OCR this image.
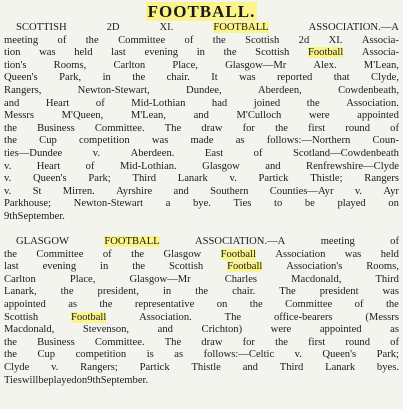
FOOTBALL.
SCOTTISH	2D	XI.	FOOTBALL	ASSOCIATION.—A
meeting of the Committee of the Scottish 2d XI. Associa-
tion was held last evening in the Scottish Football Associa-
tion's	Rooms,	Carlton	Place,	Glasgow—Mr	Alex.	M'Lean,
Queen's Park, in the chair. It was reported that Clyde,
Rangers,	Newton-Stewart,	Dundee,	Aberdeen,	Cowdenbeath,
and	Heart	of	Mid-Lothian	had	joined	the	Association.
Messrs	M'Queen,	M'Lean,	and	M'Culloch	were	appointed
the Business Committee. The draw for the first round of
the Cup competition was made as follows:—Northern Coun-
ties—Dundee	v.	Aberdeen.	East	of	Scotland—Cowdenbeath
v. Heart of Mid-Lothian. Glasgow and Renfrewshire—Clyde
v. Queen's Park; Third Lanark v. Partick Thistle; Rangers
v. St Mirren. Ayrshire and Southern Counties—Ayr v. Ayr
Parkhouse; Newton-Stewart a bye. Ties to be played on
9th September.
GLASGOW	FOOTBALL	ASSOCIATION.—A	meeting	of
the Committee of the Glasgow Football Association was held
last evening in the Scottish Football Association's Rooms,
Carlton	Place,	Glasgow—Mr	Charles	Macdonald,	Third
Lanark, the president, in the chair. The president was
appointed as the representative on the Committee of the
Scottish	Football	Association.	The	office-bearers	(Messrs
Macdonald,	Stevenson,	and	Crichton)	were	appointed	as
the Business Committee. The draw for the first round of
the Cup competition is as follows:—Celtic v. Queen's Park;
Clyde v. Rangers; Partick Thistle and Third Lanark byes.
Ties will be played on 9th September.
